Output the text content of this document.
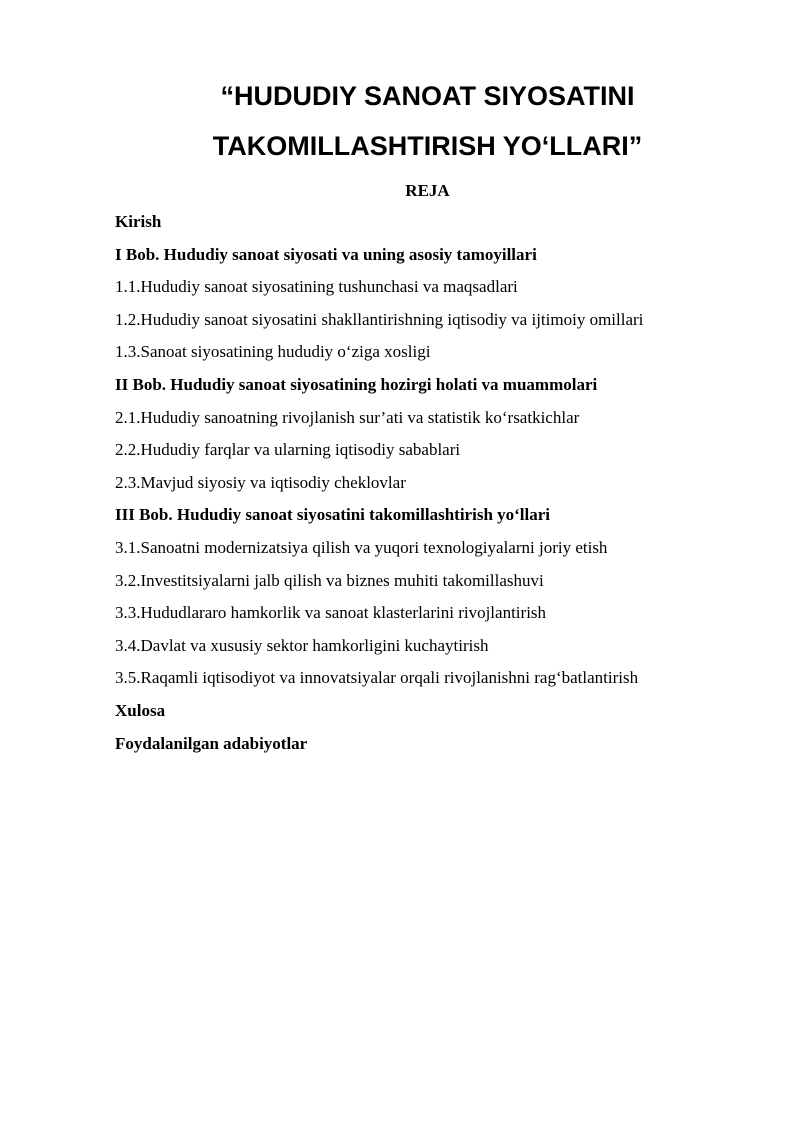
“HUDUDIY SANOAT SIYOSATINI
TAKOMILLASHTIRISH YO‘LLARI”
REJA
Kirish
I Bob. Hududiy sanoat siyosati va uning asosiy tamoyillari
1.1.Hududiy sanoat siyosatining tushunchasi va maqsadlari
1.2.Hududiy sanoat siyosatini shakllantirishning iqtisodiy va ijtimoiy omillari
1.3.Sanoat siyosatining hududiy o‘ziga xosligi
II Bob. Hududiy sanoat siyosatining hozirgi holati va muammolari
2.1.Hududiy sanoatning rivojlanish sur’ati va statistik ko‘rsatkichlar
2.2.Hududiy farqlar va ularning iqtisodiy sabablari
2.3.Mavjud siyosiy va iqtisodiy cheklovlar
III Bob. Hududiy sanoat siyosatini takomillashtirish yo‘llari
3.1.Sanoatni modernizatsiya qilish va yuqori texnologiyalarni joriy etish
3.2.Investitsiyalarni jalb qilish va biznes muhiti takomillashuvi
3.3.Hududlararo hamkorlik va sanoat klasterlarini rivojlantirish
3.4.Davlat va xususiy sektor hamkorligini kuchaytirish
3.5.Raqamli iqtisodiyot va innovatsiyalar orqali rivojlanishni rag‘batlantirish
Xulosa
Foydalanilgan adabiyotlar
